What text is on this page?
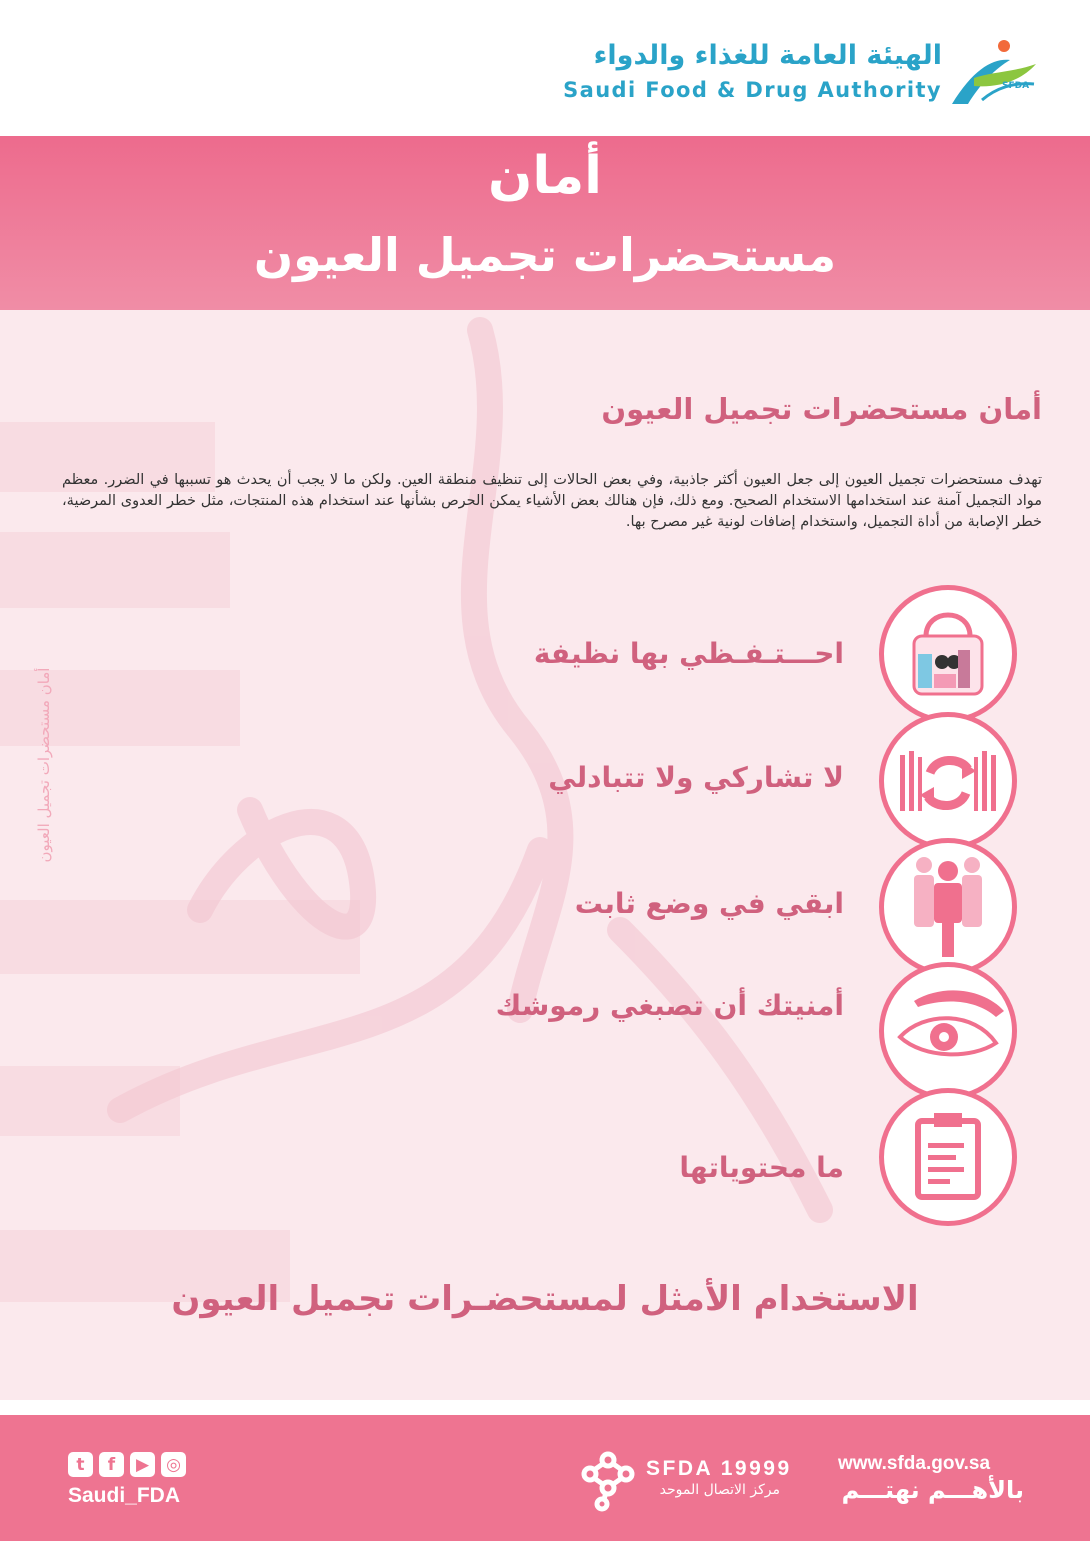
الهيئة العامة للغذاء والدواء
Saudi Food & Drug Authority	SFDA
أمان
مستحضرات تجميل العيون
أمان مستحضرات تجميل العيون
أمان مستحضرات تجميل العيون
تهدف مستحضرات تجميل العيون إلى جعل العيون أكثر جاذبية، وفي بعض الحالات إلى تنظيف منطقة العين. ولكن ما لا يجب أن يحدث هو تسببها في الضرر. معظم مواد التجميل آمنة عند استخدامها الاستخدام الصحيح. ومع ذلك، فإن هنالك بعض الأشياء يمكن الحرص بشأنها عند استخدام هذه المنتجات، مثل خطر العدوى المرضية، خطر الإصابة من أداة التجميل، واستخدام إضافات لونية غير مصرح بها.
احـــتـفـظي بها نظيفة
لا تشاركي ولا تتبادلي
ابقي في وضع ثابت
أمنيتك أن تصبغي رموشك
ما محتوياتها
الاستخدام الأمثل لمستحضـرات تجميل العيون
t	f	▶	◎
Saudi_FDA
SFDA 19999
مركز الاتصال الموحد
www.sfda.gov.sa
بالأهـــم نهتـــم
